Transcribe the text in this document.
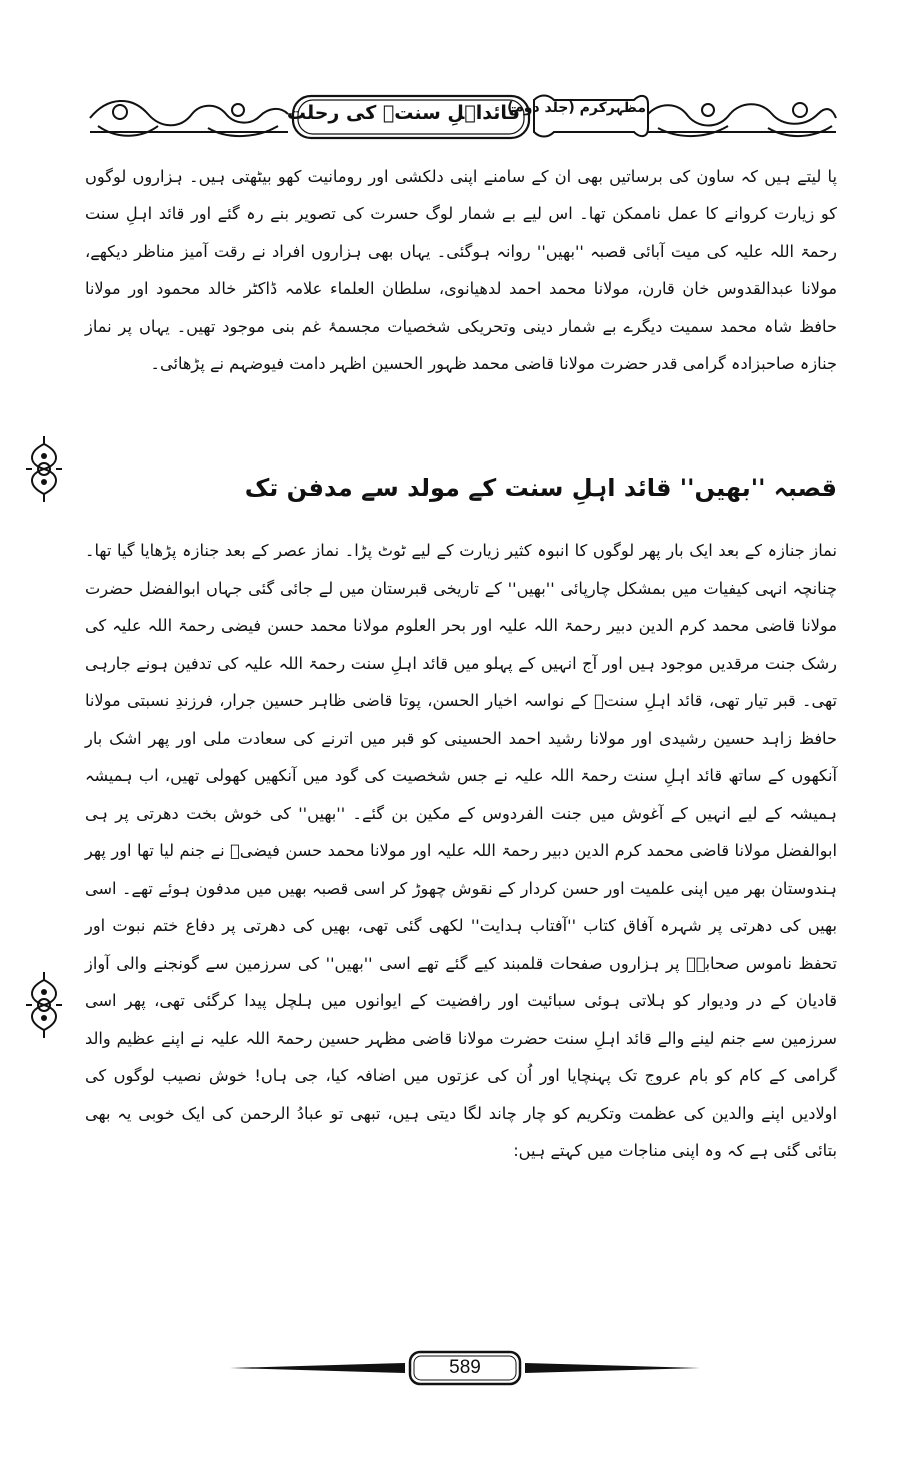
قائداہلِ سنتؒ کی رحلت
مظہرکرم (جلد دوم)

پا لیتے ہیں کہ ساون کی برساتیں بھی ان کے سامنے اپنی دلکشی اور رومانیت کھو بیٹھتی ہیں۔ ہزاروں لوگوں کو زیارت کروانے کا عمل ناممکن تھا۔ اس لیے بے شمار لوگ حسرت کی تصویر بنے رہ گئے اور قائد اہلِ سنت رحمۃ اللہ علیہ کی میت آبائی قصبہ ''بھیں'' روانہ ہوگئی۔ یہاں بھی ہزاروں افراد نے رقت آمیز مناظر دیکھے، مولانا عبدالقدوس خان قارن، مولانا محمد احمد لدھیانوی، سلطان العلماء علامہ ڈاکٹر خالد محمود اور مولانا حافظ شاہ محمد سمیت دیگرے بے شمار دینی وتحریکی شخصیات مجسمۂ غم بنی موجود تھیں۔ یہاں پر نماز جنازہ صاحبزادہ گرامی قدر حضرت مولانا قاضی محمد ظہور الحسین اظہر دامت فیوضہم نے پڑھائی۔

قصبہ ''بھیں'' قائد اہلِ سنت کے مولد سے مدفن تک

نماز جنازہ کے بعد ایک بار پھر لوگوں کا انبوہ کثیر زیارت کے لیے ٹوٹ پڑا۔ نماز عصر کے بعد جنازہ پڑھایا گیا تھا۔ چنانچہ انہی کیفیات میں بمشکل چارپائی ''بھیں'' کے تاریخی قبرستان میں لے جائی گئی جہاں ابوالفضل حضرت مولانا قاضی محمد کرم الدین دبیر رحمۃ اللہ علیہ اور بحر العلوم مولانا محمد حسن فیضی رحمۃ اللہ علیہ کی رشک جنت مرقدیں موجود ہیں اور آج انہیں کے پہلو میں قائد اہلِ سنت رحمۃ اللہ علیہ کی تدفین ہونے جارہی تھی۔ قبر تیار تھی، قائد اہلِ سنتؒ کے نواسہ اخیار الحسن، پوتا قاضی ظاہر حسین جرار، فرزندِ نسبتی مولانا حافظ زاہد حسین رشیدی اور مولانا رشید احمد الحسینی کو قبر میں اترنے کی سعادت ملی اور پھر اشک بار آنکھوں کے ساتھ قائد اہلِ سنت رحمۃ اللہ علیہ نے جس شخصیت کی گود میں آنکھیں کھولی تھیں، اب ہمیشہ ہمیشہ کے لیے انہیں کے آغوش میں جنت الفردوس کے مکین بن گئے۔ ''بھیں'' کی خوش بخت دھرتی پر ہی ابوالفضل مولانا قاضی محمد کرم الدین دبیر رحمۃ اللہ علیہ اور مولانا محمد حسن فیضیؒ نے جنم لیا تھا اور پھر ہندوستان بھر میں اپنی علمیت اور حسن کردار کے نقوش چھوڑ کر اسی قصبہ بھیں میں مدفون ہوئے تھے۔ اسی بھیں کی دھرتی پر شہرہ آفاق کتاب ''آفتاب ہدایت'' لکھی گئی تھی، بھیں کی دھرتی پر دفاع ختم نبوت اور تحفظ ناموس صحابہؓ پر ہزاروں صفحات قلمبند کیے گئے تھے اسی ''بھیں'' کی سرزمین سے گونجنے والی آواز قادیان کے در ودیوار کو ہلاتی ہوئی سبائیت اور رافضیت کے ایوانوں میں ہلچل پیدا کرگئی تھی، پھر اسی سرزمین سے جنم لینے والے قائد اہلِ سنت حضرت مولانا قاضی مظہر حسین رحمۃ اللہ علیہ نے اپنے عظیم والد گرامی کے کام کو بام عروج تک پہنچایا اور اُن کی عزتوں میں اضافہ کیا، جی ہاں! خوش نصیب لوگوں کی اولادیں اپنے والدین کی عظمت وتکریم کو چار چاند لگا دیتی ہیں، تبھی تو عبادُ الرحمن کی ایک خوبی یہ بھی بتائی گئی ہے کہ وہ اپنی مناجات میں کہتے ہیں:

589
